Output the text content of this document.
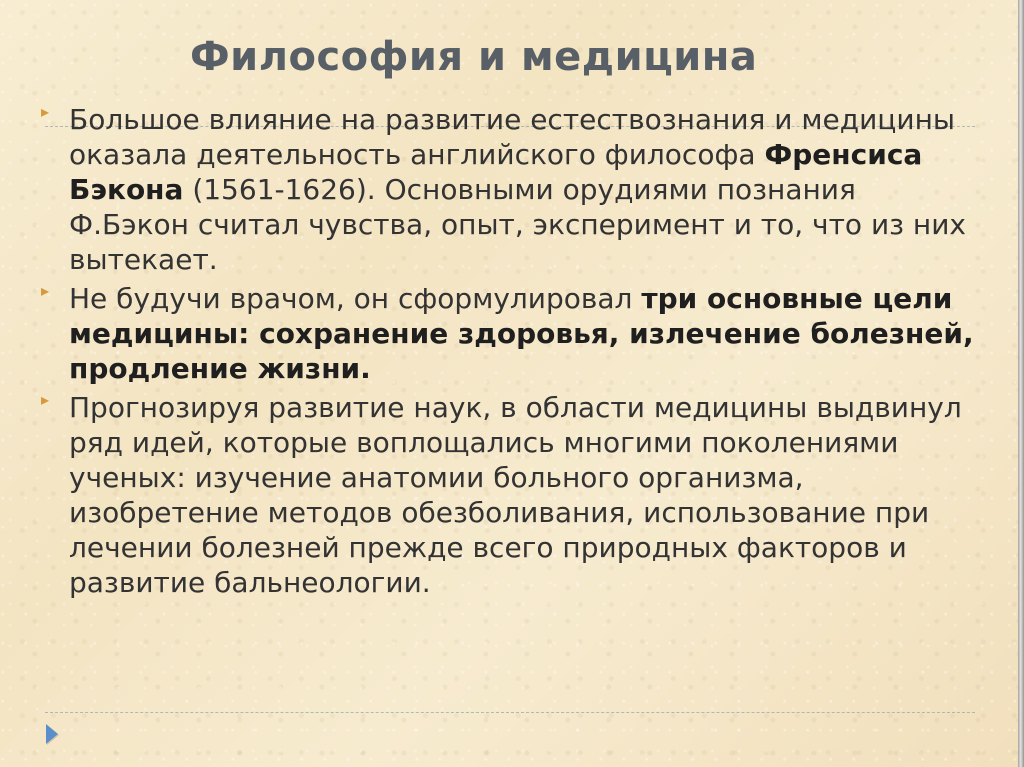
Философия и медицина
▸ Большое влияние на развитие естествознания и медицины оказала деятельность английского философа Френсиса Бэкона (1561-1626). Основными орудиями познания Ф.Бэкон считал чувства, опыт, эксперимент и то, что из них вытекает.
▸ Не будучи врачом, он сформулировал три основные цели медицины: сохранение здоровья, излечение болезней, продление жизни.
▸ Прогнозируя развитие наук, в области медицины выдвинул ряд идей, которые воплощались многими поколениями ученых: изучение анатомии больного организма, изобретение методов обезболивания, использование при лечении болезней прежде всего природных факторов и развитие бальнеологии.
